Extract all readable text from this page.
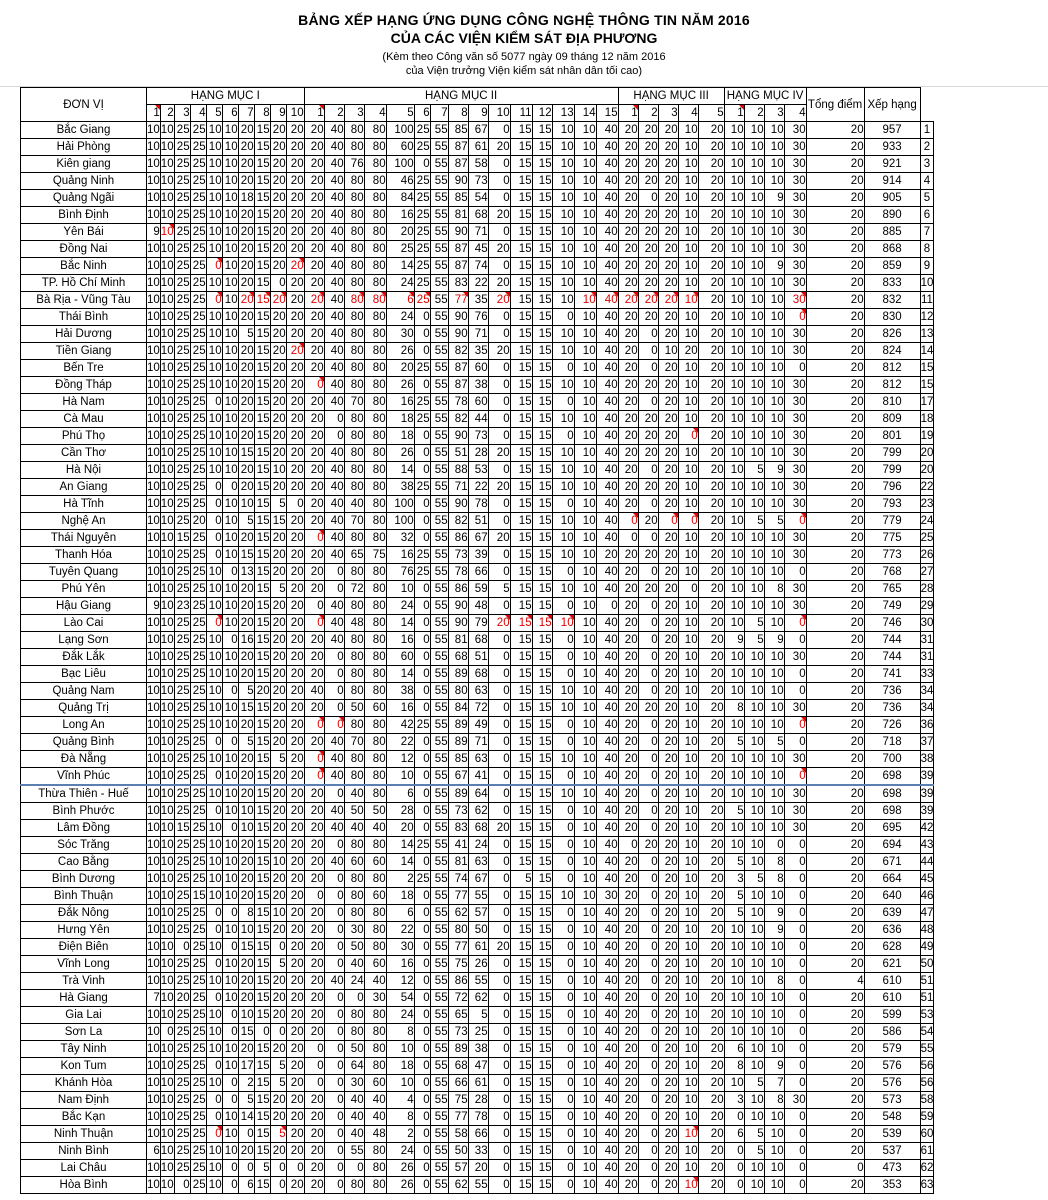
BẢNG XẾP HẠNG ỨNG DỤNG CÔNG NGHỆ THÔNG TIN NĂM 2016
CỦA CÁC VIỆN KIỂM SÁT ĐỊA PHƯƠNG
(Kèm theo Công văn số 5077 ngày 09 tháng 12 năm 2016
của Viện trưởng Viện kiểm sát nhân dân tối cao)
ĐƠN VỊ	HẠNG MỤC I										HẠNG MỤC II															HẠNG MỤC III					HẠNG MỤC IV				Tổng điểm	Xếp hạng	
	1	2	3	4	5	6	7	8	9	10	1	2	3	4	5	6	7	8	9	10	11	12	13	14	15	1	2	3	4	5	1	2	3	4			
Bắc Giang	10	10	25	25	10	10	20	15	20	20	20	40	80	80	100	25	55	85	67	0	15	15	10	10	40	20	20	20	10	20	10	10	10	30	20	957	1
Hải Phòng	10	10	25	25	10	10	20	15	20	20	20	40	80	80	60	25	55	87	61	20	15	15	10	10	40	20	20	20	10	20	10	10	10	30	20	933	2
Kiên giang	10	10	25	25	10	10	20	15	20	20	20	40	76	80	100	0	55	87	58	0	15	15	10	10	40	20	20	20	10	20	10	10	10	30	20	921	3
Quảng Ninh	10	10	25	25	10	10	20	15	20	20	20	40	80	80	46	25	55	90	73	0	15	15	10	10	40	20	20	20	10	20	10	10	10	30	20	914	4
Quảng Ngãi	10	10	25	25	10	10	18	15	20	20	20	40	80	80	84	25	55	85	54	0	15	15	10	10	40	20	0	20	10	20	10	10	9	30	20	905	5
Bình Định	10	10	25	25	10	10	20	15	20	20	20	40	80	80	16	25	55	81	68	20	15	15	10	10	40	20	20	20	10	20	10	10	10	30	20	890	6
Yên Bái	9	10	25	25	10	10	20	15	20	20	20	40	80	80	20	25	55	90	71	0	15	15	10	10	40	20	20	20	10	20	10	10	10	30	20	885	7
Đồng Nai	10	10	25	25	10	10	20	15	20	20	20	40	80	80	25	25	55	87	45	20	15	15	10	10	40	20	20	20	10	20	10	10	10	30	20	868	8
Bắc Ninh	10	10	25	25	0	10	20	15	20	20	20	40	80	80	14	25	55	87	74	0	15	15	10	10	40	20	20	20	10	20	10	10	9	30	20	859	9
TP. Hồ Chí Minh	10	10	25	25	10	10	20	15	0	20	20	40	80	80	24	25	55	83	22	20	15	15	10	10	40	20	20	20	10	20	10	10	10	30	20	833	10
Bà Rịa - Vũng Tàu	10	10	25	25	0	10	20	15	20	20	20	40	80	80	6	25	55	77	35	20	15	15	10	10	40	20	20	20	10	20	10	10	10	30	20	832	11
Thái Bình	10	10	25	25	10	10	20	15	20	20	20	40	80	80	24	0	55	90	76	0	15	15	0	10	40	20	20	20	10	20	10	10	10	0	20	830	12
Hải Dương	10	10	25	25	10	10	5	15	20	20	20	40	80	80	30	0	55	90	71	0	15	15	10	10	40	20	0	20	10	20	10	10	10	30	20	826	13
Tiền Giang	10	10	25	25	10	10	20	15	20	20	20	40	80	80	26	0	55	82	35	20	15	15	10	10	40	20	0	10	20	20	10	10	10	30	20	824	14
Bến Tre	10	10	25	25	10	10	20	15	20	20	20	40	80	80	20	25	55	87	60	0	15	15	0	10	40	20	0	20	10	20	10	10	10	0	20	812	15
Đồng Tháp	10	10	25	25	10	10	20	15	20	20	0	40	80	80	26	0	55	87	38	0	15	15	10	10	40	20	20	20	10	20	10	10	10	30	20	812	15
Hà Nam	10	10	25	25	0	10	20	15	20	20	20	40	70	80	16	25	55	78	60	0	15	15	0	10	40	20	0	20	10	20	10	10	10	30	20	810	17
Cà Mau	10	10	25	25	10	10	20	15	20	20	20	0	80	80	18	25	55	82	44	0	15	15	10	10	40	20	20	20	10	20	10	10	10	30	20	809	18
Phú Thọ	10	10	25	25	10	10	20	15	20	20	20	0	80	80	18	0	55	90	73	0	15	15	0	10	40	20	20	20	0	20	10	10	10	30	20	801	19
Cần Thơ	10	10	25	25	10	10	15	15	20	20	20	40	80	80	26	0	55	51	28	20	15	15	10	10	40	20	20	20	10	20	10	10	10	30	20	799	20
Hà Nội	10	10	25	25	10	10	20	15	10	20	20	40	80	80	14	0	55	88	53	0	15	15	10	10	40	20	0	20	10	20	10	5	9	30	20	799	20
An Giang	10	10	25	25	0	0	20	15	20	20	20	40	80	80	38	25	55	71	22	20	15	15	10	10	40	20	20	20	10	20	10	10	10	30	20	796	22
Hà Tĩnh	10	10	25	25	0	10	10	15	5	0	20	40	40	80	100	0	55	90	78	0	15	15	0	10	40	20	0	20	10	20	10	10	10	30	20	793	23
Nghệ An	10	10	25	20	0	10	5	15	15	20	20	40	70	80	100	0	55	82	51	0	15	15	10	10	40	0	20	0	0	20	10	5	5	0	20	779	24
Thái Nguyên	10	10	15	25	0	10	20	15	20	20	0	40	80	80	32	0	55	86	67	20	15	15	10	10	40	0	0	20	10	20	10	10	10	30	20	775	25
Thanh Hóa	10	10	25	25	0	10	15	15	20	20	20	40	65	75	16	25	55	73	39	0	15	15	10	10	20	20	20	20	10	20	10	10	10	30	20	773	26
Tuyên Quang	10	10	25	25	10	0	13	15	20	20	20	0	80	80	76	25	55	78	66	0	15	15	0	10	40	20	0	20	10	20	10	10	10	0	20	768	27
Phú Yên	10	10	25	25	10	10	20	15	5	20	20	0	72	80	10	0	55	86	59	5	15	15	10	10	40	20	20	20	0	20	10	10	8	30	20	765	28
Hậu Giang	9	10	23	25	10	10	20	15	20	20	0	40	80	80	24	0	55	90	48	0	15	15	0	10	0	20	0	20	10	20	10	10	10	30	20	749	29
Lào Cai	10	10	25	25	0	10	20	15	20	20	0	40	48	80	14	0	55	90	79	20	15	15	10	10	40	20	0	20	10	20	10	5	10	0	20	746	30
Lạng Sơn	10	10	25	25	10	0	16	15	20	20	20	40	80	80	16	0	55	81	68	0	15	15	0	10	40	20	0	20	10	20	9	5	9	0	20	744	31
Đắk Lắk	10	10	25	25	10	10	20	15	20	20	20	0	80	80	60	0	55	68	51	0	15	15	0	10	40	20	0	20	10	20	10	10	10	30	20	744	31
Bạc Liêu	10	10	25	25	10	10	20	15	20	20	20	0	80	80	14	0	55	89	68	0	15	15	0	10	40	20	0	20	10	20	10	10	10	0	20	741	33
Quảng Nam	10	10	25	25	10	0	5	20	20	20	40	0	80	80	38	0	55	80	63	0	15	15	10	10	40	20	0	20	10	20	10	10	10	0	20	736	34
Quảng Trị	10	10	25	25	10	10	15	15	20	20	20	0	50	60	16	0	55	84	72	0	15	15	10	10	40	20	20	20	10	20	8	10	10	30	20	736	34
Long An	10	10	25	25	10	10	20	15	20	20	0	0	80	80	42	25	55	89	49	0	15	15	0	10	40	20	0	20	10	20	10	10	10	0	20	726	36
Quảng Bình	10	10	25	25	0	0	5	15	20	20	20	40	70	80	22	0	55	89	71	0	15	15	0	10	40	20	0	20	10	20	5	10	5	0	20	718	37
Đà Nẵng	10	10	25	25	10	10	20	15	5	20	0	40	80	80	12	0	55	85	63	0	15	15	10	10	40	20	0	20	10	20	10	10	10	30	20	700	38
Vĩnh Phúc	10	10	25	25	0	10	20	15	20	20	0	40	80	80	10	0	55	67	41	0	15	15	0	10	40	20	0	20	10	20	10	10	10	0	20	698	39
Thừa Thiên - Huế	10	10	25	25	10	10	20	15	20	20	20	0	40	80	6	0	55	89	64	0	15	15	10	10	40	20	0	20	10	20	10	10	10	30	20	698	39
Bình Phước	10	10	25	25	0	10	10	15	20	20	20	40	50	50	28	0	55	73	62	0	15	15	0	10	40	20	0	20	10	20	5	10	10	30	20	698	39
Lâm Đồng	10	10	15	25	10	0	10	15	20	20	20	40	40	40	20	0	55	83	68	20	15	15	0	10	40	20	0	20	10	20	10	10	10	30	20	695	42
Sóc Trăng	10	10	25	25	10	10	20	15	20	20	20	0	80	80	14	25	55	41	24	0	15	15	0	10	40	0	20	20	10	20	10	10	0	0	20	694	43
Cao Bằng	10	10	25	25	10	10	20	15	10	20	20	40	60	60	14	0	55	81	63	0	15	15	0	10	40	20	0	20	10	20	5	10	8	0	20	671	44
Bình Dương	10	10	25	25	10	10	20	15	20	20	20	0	80	80	2	25	55	74	67	0	5	15	0	10	40	20	0	20	10	20	3	5	8	0	20	664	45
Bình Thuận	10	10	25	15	10	10	20	15	20	20	0	0	80	60	18	0	55	77	55	0	15	15	10	10	30	20	0	20	10	20	5	10	10	0	20	640	46
Đắk Nông	10	10	25	25	0	0	8	15	10	20	20	0	80	80	6	0	55	62	57	0	15	15	0	10	40	20	0	20	10	20	5	10	9	0	20	639	47
Hưng Yên	10	10	25	25	0	10	10	15	20	20	20	0	30	80	22	0	55	80	50	0	15	15	0	10	40	20	0	20	10	20	10	10	9	0	20	636	48
Điện Biên	10	10	0	25	10	0	15	15	0	20	20	0	50	80	30	0	55	77	61	20	15	15	0	10	40	20	0	20	10	20	10	10	10	0	20	628	49
Vĩnh Long	10	10	25	25	0	10	20	15	5	20	20	0	40	60	16	0	55	75	26	0	15	15	0	10	40	20	0	20	10	20	10	10	10	0	20	621	50
Trà Vinh	10	10	25	25	10	10	20	15	20	20	20	40	24	40	12	0	55	86	55	0	15	15	0	10	40	20	0	20	10	20	10	10	8	0	4	610	51
Hà Giang	7	10	20	25	0	10	20	15	20	20	20	0	0	30	54	0	55	72	62	0	15	15	0	10	40	20	0	20	10	20	10	10	10	0	20	610	51
Gia Lai	10	10	25	25	10	0	10	15	20	20	20	0	80	80	24	0	55	65	5	0	15	15	0	10	40	20	0	20	10	20	10	10	10	0	20	599	53
Sơn La	10	0	25	25	10	0	15	0	0	20	20	0	80	80	8	0	55	73	25	0	15	15	0	10	40	20	0	20	10	20	10	10	10	0	20	586	54
Tây Ninh	10	10	25	25	10	10	20	15	20	20	0	0	50	80	10	0	55	89	38	0	15	15	0	10	40	20	0	20	10	20	6	10	10	0	20	579	55
Kon Tum	10	10	25	25	0	10	17	15	5	20	0	0	64	80	18	0	55	68	47	0	15	15	0	10	40	20	0	20	10	20	8	10	9	0	20	576	56
Khánh Hòa	10	10	25	25	10	0	2	15	5	20	0	0	30	60	10	0	55	66	61	0	15	15	0	10	40	20	0	20	10	20	10	5	7	0	20	576	56
Nam Định	10	10	25	25	0	0	5	15	20	20	20	0	40	40	4	0	55	75	28	0	15	15	0	10	40	20	0	20	10	20	3	10	8	30	20	573	58
Bắc Kạn	10	10	25	25	0	10	14	15	20	20	20	0	40	40	8	0	55	77	78	0	15	15	0	10	40	20	0	20	10	20	0	10	10	0	20	548	59
Ninh Thuận	10	10	25	25	0	10	0	15	5	20	20	0	40	48	2	0	55	58	66	0	15	15	0	10	40	20	0	20	10	20	6	5	10	0	20	539	60
Ninh Bình	6	10	25	25	10	10	20	15	20	20	20	0	55	80	24	0	55	50	33	0	15	15	0	10	40	20	0	20	10	20	0	5	10	0	20	537	61
Lai Châu	10	10	25	25	10	0	0	5	0	0	20	0	0	80	26	0	55	57	20	0	15	15	0	10	40	20	0	20	10	20	0	10	10	0	0	473	62
Hòa Bình	10	10	0	25	10	0	6	15	0	20	20	0	80	80	26	0	55	62	55	0	15	15	0	10	40	20	0	20	10	20	0	10	10	0	20	353	63
